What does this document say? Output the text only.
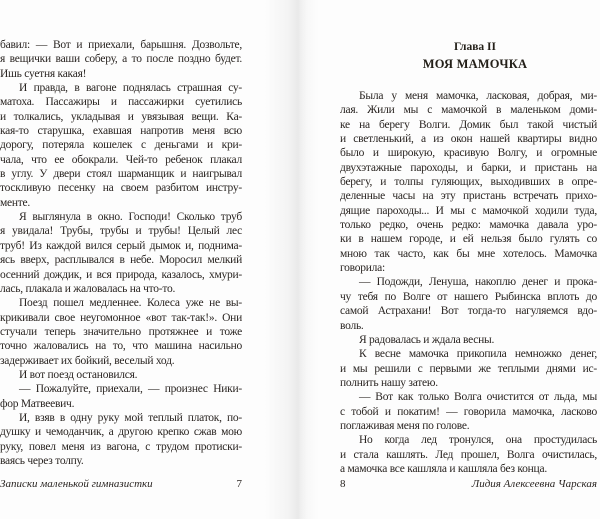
бавил: — Вот и приехали, барышня. Дозвольте,
я вещички ваши соберу, а то после поздно будет.
Ишь суетня какая!
И правда, в вагоне поднялась страшная су-
матоха. Пассажиры и пассажирки суетились
и толкались, укладывая и увязывая вещи. Ка-
кая-то старушка, ехавшая напротив меня всю
дорогу, потеряла кошелек с деньгами и кри-
чала, что ее обокрали. Чей-то ребенок плакал
в углу. У двери стоял шарманщик и наигрывал
тоскливую песенку на своем разбитом инстру-
менте.
Я выглянула в окно. Господи! Сколько труб
я увидала! Трубы, трубы и трубы! Целый лес
труб! Из каждой вился серый дымок и, поднима-
ясь вверх, расплывался в небе. Моросил мелкий
осенний дождик, и вся природа, казалось, хмури-
лась, плакала и жаловалась на что-то.
Поезд пошел медленнее. Колеса уже не вы-
крикивали свое неугомонное «вот так-так!». Они
стучали теперь значительно протяжнее и тоже
точно жаловались на то, что машина насильно
задерживает их бойкий, веселый ход.
И вот поезд остановился.
— Пожалуйте, приехали, — произнес Ники-
фор Матвеевич.
И, взяв в одну руку мой теплый платок, по-
душку и чемоданчик, а другою крепко сжав мою
руку, повел меня из вагона, с трудом протиски-
ваясь через толпу.
Записки маленькой гимназистки	7
Глава II
МОЯ МАМОЧКА
Была у меня мамочка, ласковая, добрая, ми-
лая. Жили мы с мамочкой в маленьком доми-
ке на берегу Волги. Домик был такой чистый
и светленький, а из окон нашей квартиры видно
было и широкую, красивую Волгу, и огромные
двухэтажные пароходы, и барки, и пристань на
берегу, и толпы гуляющих, выходивших в опре-
деленные часы на эту пристань встречать прихо-
дящие пароходы... И мы с мамочкой ходили туда,
только редко, очень редко: мамочка давала уро-
ки в нашем городе, и ей нельзя было гулять со
мною так часто, как бы мне хотелось. Мамочка
говорила:
— Подожди, Ленуша, накоплю денег и прока-
чу тебя по Волге от нашего Рыбинска вплоть до
самой Астрахани! Вот тогда-то нагуляемся вдо-
воль.
Я радовалась и ждала весны.
К весне мамочка прикопила немножко денег,
и мы решили с первыми же теплыми днями ис-
полнить нашу затею.
— Вот как только Волга очистится от льда, мы
с тобой и покатим! — говорила мамочка, ласково
поглаживая меня по голове.
Но когда лед тронулся, она простудилась
и стала кашлять. Лед прошел, Волга очистилась,
а мамочка все кашляла и кашляла без конца.
8	Лидия Алексеевна Чарская
